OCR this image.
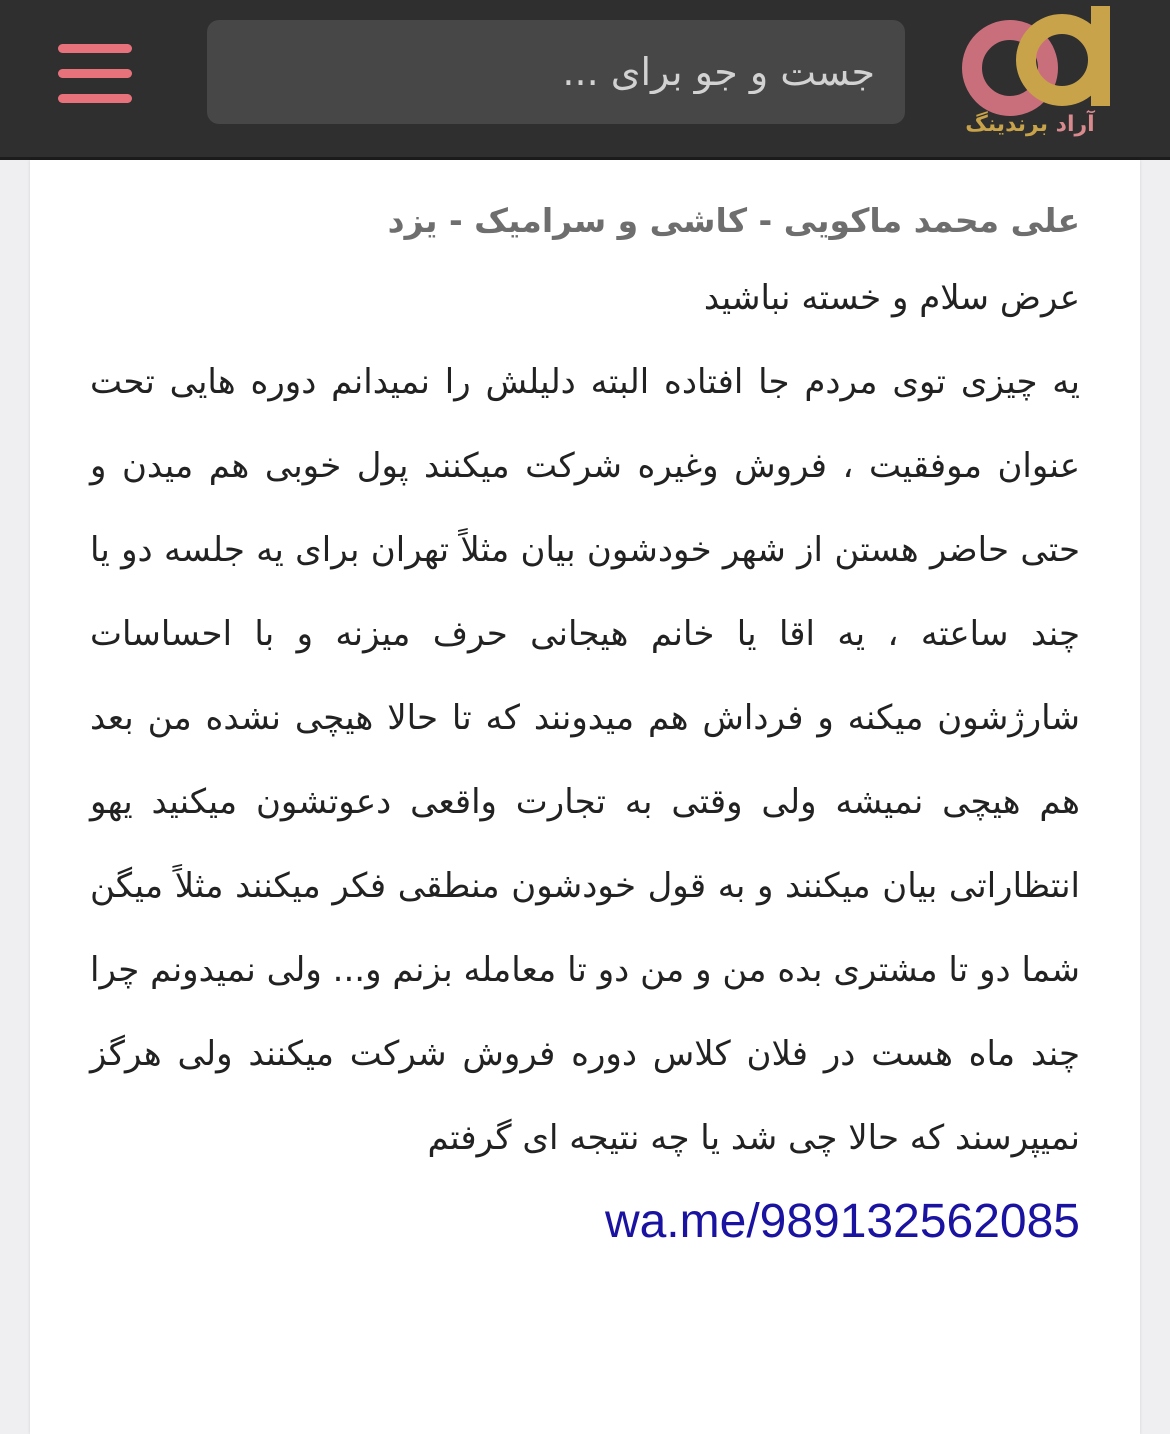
جست و جو برای ...
آراد برندینگ

علی محمد ماکویی - کاشی و سرامیک - یزد

عرض سلام و خسته نباشید

یه چیزی توی مردم جا افتاده البته دلیلش را نمیدانم دوره هایی تحت عنوان موفقیت ، فروش وغیره شرکت میکنند پول خوبی هم میدن و حتی حاضر هستن از شهر خودشون بیان مثلاً تهران برای یه جلسه دو یا چند ساعته ، یه اقا یا خانم هیجانی حرف میزنه و با احساسات شارژشون میکنه و فرداش هم میدونند که تا حالا هیچی نشده من بعد هم هیچی نمیشه ولی وقتی به تجارت واقعی دعوتشون میکنید یهو انتظاراتی بیان میکنند و به قول خودشون منطقی فکر میکنند مثلاً میگن شما دو تا مشتری بده من و من دو تا معامله بزنم و... ولی نمیدونم چرا چند ماه هست در فلان کلاس دوره فروش شرکت میکنند ولی هرگز نمیپرسند که حالا چی شد یا چه نتیجه ای گرفتم

wa.me/989132562085
